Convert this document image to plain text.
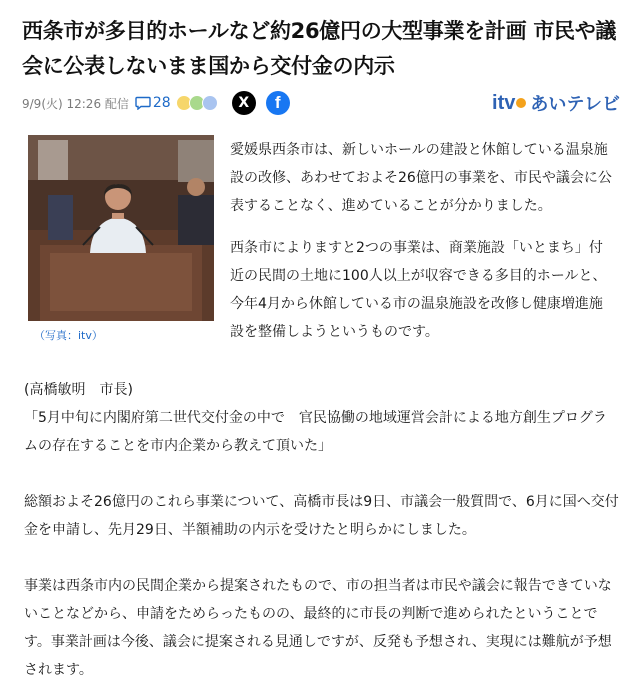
西条市が多目的ホールなど約26億円の大型事業を計画 市民や議会に公表しないまま国から交付金の内示
9/9(火) 12:26 配信 28	X f	itv あいテレビ
（写真：itv）

愛媛県西条市は、新しいホールの建設と休館している温泉施設の改修、あわせておよそ26億円の事業を、市民や議会に公表することなく、進めていることが分かりました。

西条市によりますと2つの事業は、商業施設「いとまち」付近の民間の土地に100人以上が収容できる多目的ホールと、今年4月から休館している市の温泉施設を改修し健康増進施設を整備しようというものです。

(高橋敏明　市長)

「5月中旬に内閣府第二世代交付金の中で　官民協働の地域運営会計による地方創生プログラムの存在することを市内企業から教えて頂いた」

総額およそ26億円のこれら事業について、高橋市長は9日、市議会一般質問で、6月に国へ交付金を申請し、先月29日、半額補助の内示を受けたと明らかにしました。

事業は西条市内の民間企業から提案されたもので、市の担当者は市民や議会に報告できていないことなどから、申請をためらったものの、最終的に市長の判断で進められたということです。事業計画は今後、議会に提案される見通しですが、反発も予想され、実現には難航が予想されます。
